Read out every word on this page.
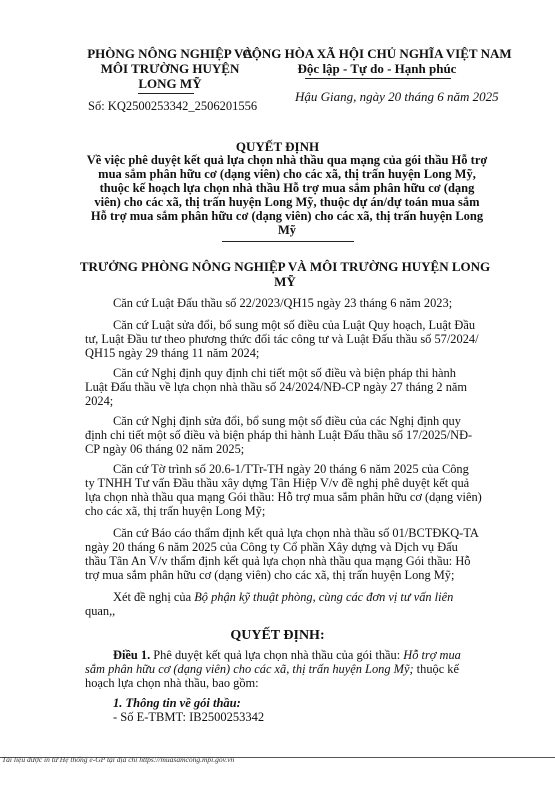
PHÒNG NÔNG NGHIỆP VÀ
MÔI TRƯỜNG HUYỆN
LONG MỸ
CỘNG HÒA XÃ HỘI CHỦ NGHĨA VIỆT NAM
Độc lập - Tự do - Hạnh phúc
Số: KQ2500253342_2506201556
Hậu Giang, ngày 20 tháng 6 năm 2025
QUYẾT ĐỊNH
Về việc phê duyệt kết quả lựa chọn nhà thầu qua mạng của gói thầu Hỗ trợ
mua sắm phân hữu cơ (dạng viên) cho các xã, thị trấn huyện Long Mỹ,
thuộc kế hoạch lựa chọn nhà thầu Hỗ trợ mua sắm phân hữu cơ (dạng
viên) cho các xã, thị trấn huyện Long Mỹ, thuộc dự án/dự toán mua sắm
Hỗ trợ mua sắm phân hữu cơ (dạng viên) cho các xã, thị trấn huyện Long
Mỹ
TRƯỞNG PHÒNG NÔNG NGHIỆP VÀ MÔI TRƯỜNG HUYỆN LONG
MỸ
Căn cứ Luật Đấu thầu số 22/2023/QH15 ngày 23 tháng 6 năm 2023;
Căn cứ Luật sửa đổi, bổ sung một số điều của Luật Quy hoạch, Luật Đầu
tư, Luật Đầu tư theo phương thức đối tác công tư và Luật Đấu thầu số 57/2024/
QH15 ngày 29 tháng 11 năm 2024;
Căn cứ Nghị định quy định chi tiết một số điều và biện pháp thi hành
Luật Đấu thầu về lựa chọn nhà thầu số 24/2024/NĐ-CP ngày 27 tháng 2 năm
2024;
Căn cứ Nghị định sửa đổi, bổ sung một số điều của các Nghị định quy
định chi tiết một số điều và biện pháp thi hành Luật Đấu thầu số 17/2025/NĐ-
CP ngày 06 tháng 02 năm 2025;
Căn cứ Tờ trình số 20.6-1/TTr-TH ngày 20 tháng 6 năm 2025 của Công
ty TNHH Tư vấn Đầu thầu xây dựng Tân Hiệp V/v đề nghị phê duyệt kết quả
lựa chọn nhà thầu qua mạng Gói thầu: Hỗ trợ mua sắm phân hữu cơ (dạng viên)
cho các xã, thị trấn huyện Long Mỹ;
Căn cứ Báo cáo thẩm định kết quả lựa chọn nhà thầu số 01/BCTĐKQ-TA
ngày 20 tháng 6 năm 2025 của Công ty Cổ phần Xây dựng và Dịch vụ Đấu
thầu Tân An V/v thẩm định kết quả lựa chọn nhà thầu qua mạng Gói thầu: Hỗ
trợ mua sắm phân hữu cơ (dạng viên) cho các xã, thị trấn huyện Long Mỹ;
Xét đề nghị của Bộ phận kỹ thuật phòng, cùng các đơn vị tư vấn liên
quan,,
QUYẾT ĐỊNH:
Điều 1. Phê duyệt kết quả lựa chọn nhà thầu của gói thầu: Hỗ trợ mua
sắm phân hữu cơ (dạng viên) cho các xã, thị trấn huyện Long Mỹ; thuộc kế
hoạch lựa chọn nhà thầu, bao gồm:
1. Thông tin về gói thầu:
- Số E-TBMT: IB2500253342
Tài liệu được in từ Hệ thống e-GP tại địa chỉ https://muasamcong.mpi.gov.vn
